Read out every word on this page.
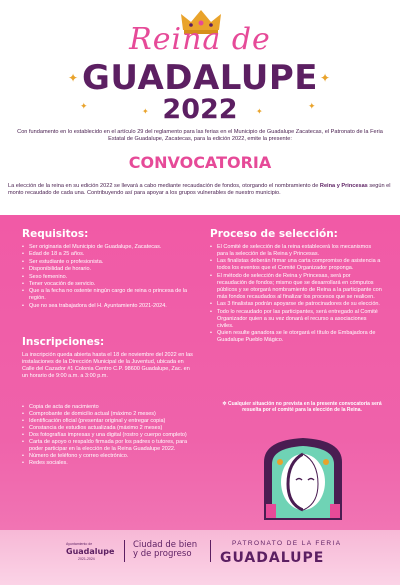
✦
✦
✦
✦
✦	✦
Reina de
GUADALUPE
2022
Con fundamento en lo establecido en el artículo 29 del reglamento para las ferias en el Municipio de Guadalupe Zacatecas, el Patronato de la Feria Estatal de Guadalupe, Zacatecas, para la edición 2022, emite la presente:
CONVOCATORIA
La elección de la reina en su edición 2022 se llevará a cabo mediante recaudación de fondos, otorgando el nombramiento de Reina y Princesas según el monto recaudado de cada una. Contribuyendo así para apoyar a los grupos vulnerables de nuestro municipio.
Requisitos:
• Ser originaria del Municipio de Guadalupe, Zacatecas.
• Edad de 18 a 25 años.
• Ser estudiante o profesionista.
• Disponibilidad de horario.
• Sexo femenino.
• Tener vocación de servicio.
• Que a la fecha no ostente ningún cargo de reina o princesa de la región.
• Que no sea trabajadora del H. Ayuntamiento 2021-2024.
Inscripciones:

La inscripción queda abierta hasta el 18 de noviembre del 2022 en las instalaciones de la Dirección Municipal de la Juventud, ubicada en Calle del Cazador #1 Colonia Centro C.P. 98600 Guadalupe, Zac. en un horario de 9:00 a.m. a 3:00 p.m.

• Copia de acta de nacimiento
• Comprobante de domicilio actual (máximo 2 meses)
• Identificación oficial (presentar original y entregar copia)
• Constancia de estudios actualizada (máximo 2 meses)
• Dos fotografías impresas y una digital (rostro y cuerpo completo)
• Carta de apoyo o respaldo firmada por los padres o tutores, para poder participar en la elección de la Reina Guadalupe 2022.
• Número de teléfono y correo electrónico.
• Redes sociales.
Proceso de selección:
• El Comité de selección de la reina establecerá los mecanismos para la selección de la Reina y Princesas.
• Las finalistas deberán firmar una carta compromiso de asistencia a todos los eventos que el Comité Organizador proponga.
• El método de selección de Reina y Princesas, será por recaudación de fondos; mismo que se desarrollará en cómputos públicos y se otorgará nombramiento de Reina a la participante con más fondos recaudados al finalizar los procesos que se realicen.
• Las 3 finalistas podrán apoyarse de patrocinadores de su elección.
• Todo lo recaudado por las participantes, será entregado al Comité Organizador quien a su vez donará el recurso a asociaciones civiles.
• Quien resulte ganadora se le otorgará el título de Embajadora de Guadalupe Pueblo Mágico.
✲ Cualquier situación no prevista en la presente convocatoria será resuelta por el comité para la elección de la Reina.
Ayuntamiento de
Guadalupe
2021-2024
Ciudad de bien
y de progreso
PATRONATO DE LA FERIA
GUADALUPE
